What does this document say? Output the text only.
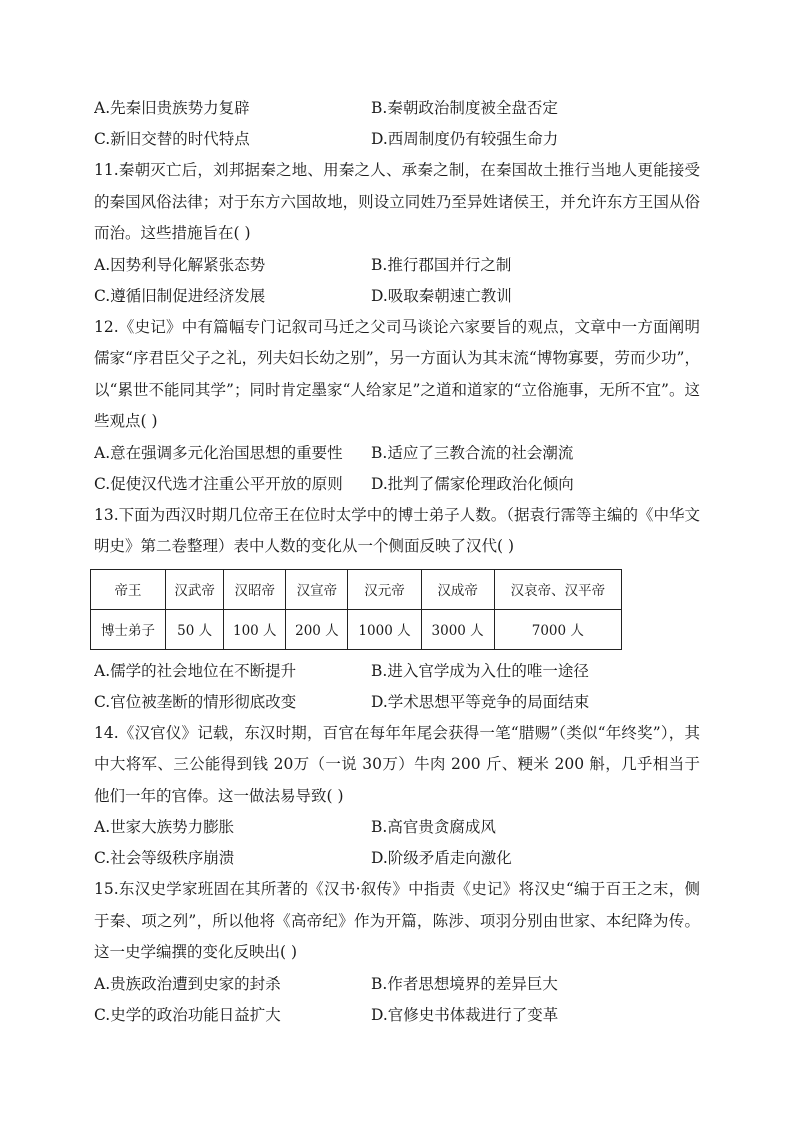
A.先秦旧贵族势力复辟	B.秦朝政治制度被全盘否定
C.新旧交替的时代特点	D.西周制度仍有较强生命力

11.秦朝灭亡后，刘邦据秦之地、用秦之人、承秦之制，在秦国故土推行当地人更能接受的秦国风俗法律；对于东方六国故地，则设立同姓乃至异姓诸侯王，并允许东方王国从俗而治。这些措施旨在( )

A.因势利导化解紧张态势	B.推行郡国并行之制
C.遵循旧制促进经济发展	D.吸取秦朝速亡教训

12.《史记》中有篇幅专门记叙司马迁之父司马谈论六家要旨的观点，文章中一方面阐明儒家“序君臣父子之礼，列夫妇长幼之别”，另一方面认为其末流“博物寡要，劳而少功”，以“累世不能同其学”；同时肯定墨家“人给家足”之道和道家的“立俗施事，无所不宜”。这些观点( )

A.意在强调多元化治国思想的重要性	B.适应了三教合流的社会潮流
C.促使汉代选才注重公平开放的原则	D.批判了儒家伦理政治化倾向

13.下面为西汉时期几位帝王在位时太学中的博士弟子人数。（据袁行霈等主编的《中华文明史》第二卷整理）表中人数的变化从一个侧面反映了汉代( )

帝王	汉武帝	汉昭帝	汉宣帝	汉元帝	汉成帝	汉哀帝、汉平帝
博士弟子	50 人	100 人	200 人	1000 人	3000 人	7000 人
A.儒学的社会地位在不断提升	B.进入官学成为入仕的唯一途径
C.官位被垄断的情形彻底改变	D.学术思想平等竞争的局面结束

14.《汉官仪》记载，东汉时期，百官在每年年尾会获得一笔“腊赐”（类似“年终奖”），其中大将军、三公能得到钱 20万（一说 30万）牛肉 200 斤、粳米 200 斛，几乎相当于他们一年的官俸。这一做法易导致( )

A.世家大族势力膨胀	B.高官贵贪腐成风
C.社会等级秩序崩溃	D.阶级矛盾走向激化

15.东汉史学家班固在其所著的《汉书·叙传》中指责《史记》将汉史“编于百王之末，侧于秦、项之列”，所以他将《高帝纪》作为开篇，陈涉、项羽分别由世家、本纪降为传。这一史学编撰的变化反映出( )

A.贵族政治遭到史家的封杀	B.作者思想境界的差异巨大
C.史学的政治功能日益扩大	D.官修史书体裁进行了变革
